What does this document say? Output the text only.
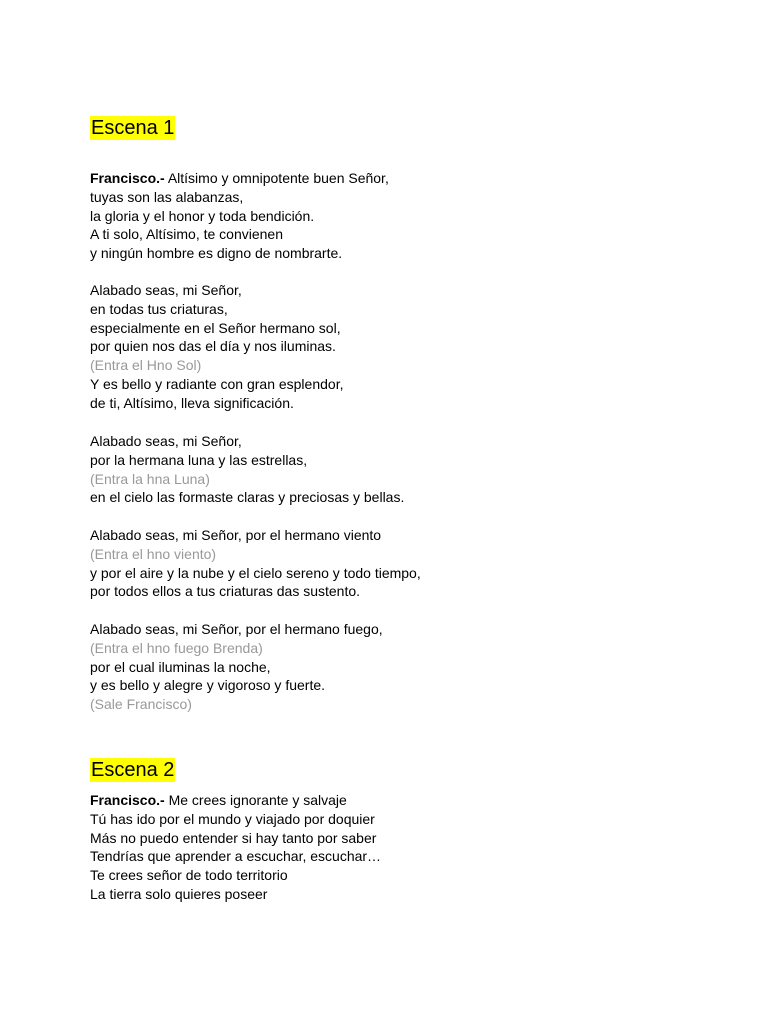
Escena 1
Francisco.- Altísimo y omnipotente buen Señor,
tuyas son las alabanzas,
la gloria y el honor y toda bendición.
A ti solo, Altísimo, te convienen
y ningún hombre es digno de nombrarte.
Alabado seas, mi Señor,
en todas tus criaturas,
especialmente en el Señor hermano sol,
por quien nos das el día y nos iluminas.
(Entra el Hno Sol)
Y es bello y radiante con gran esplendor,
de ti, Altísimo, lleva significación.
Alabado seas, mi Señor,
por la hermana luna y las estrellas,
(Entra la hna Luna)
en el cielo las formaste claras y preciosas y bellas.
Alabado seas, mi Señor, por el hermano viento
(Entra el hno viento)
y por el aire y la nube y el cielo sereno y todo tiempo,
por todos ellos a tus criaturas das sustento.
Alabado seas, mi Señor, por el hermano fuego,
(Entra el hno fuego Brenda)
por el cual iluminas la noche,
y es bello y alegre y vigoroso y fuerte.
(Sale Francisco)
Escena 2
Francisco.- Me crees ignorante y salvaje
Tú has ido por el mundo y viajado por doquier
Más no puedo entender si hay tanto por saber
Tendrías que aprender a escuchar, escuchar…
Te crees señor de todo territorio
La tierra solo quieres poseer
